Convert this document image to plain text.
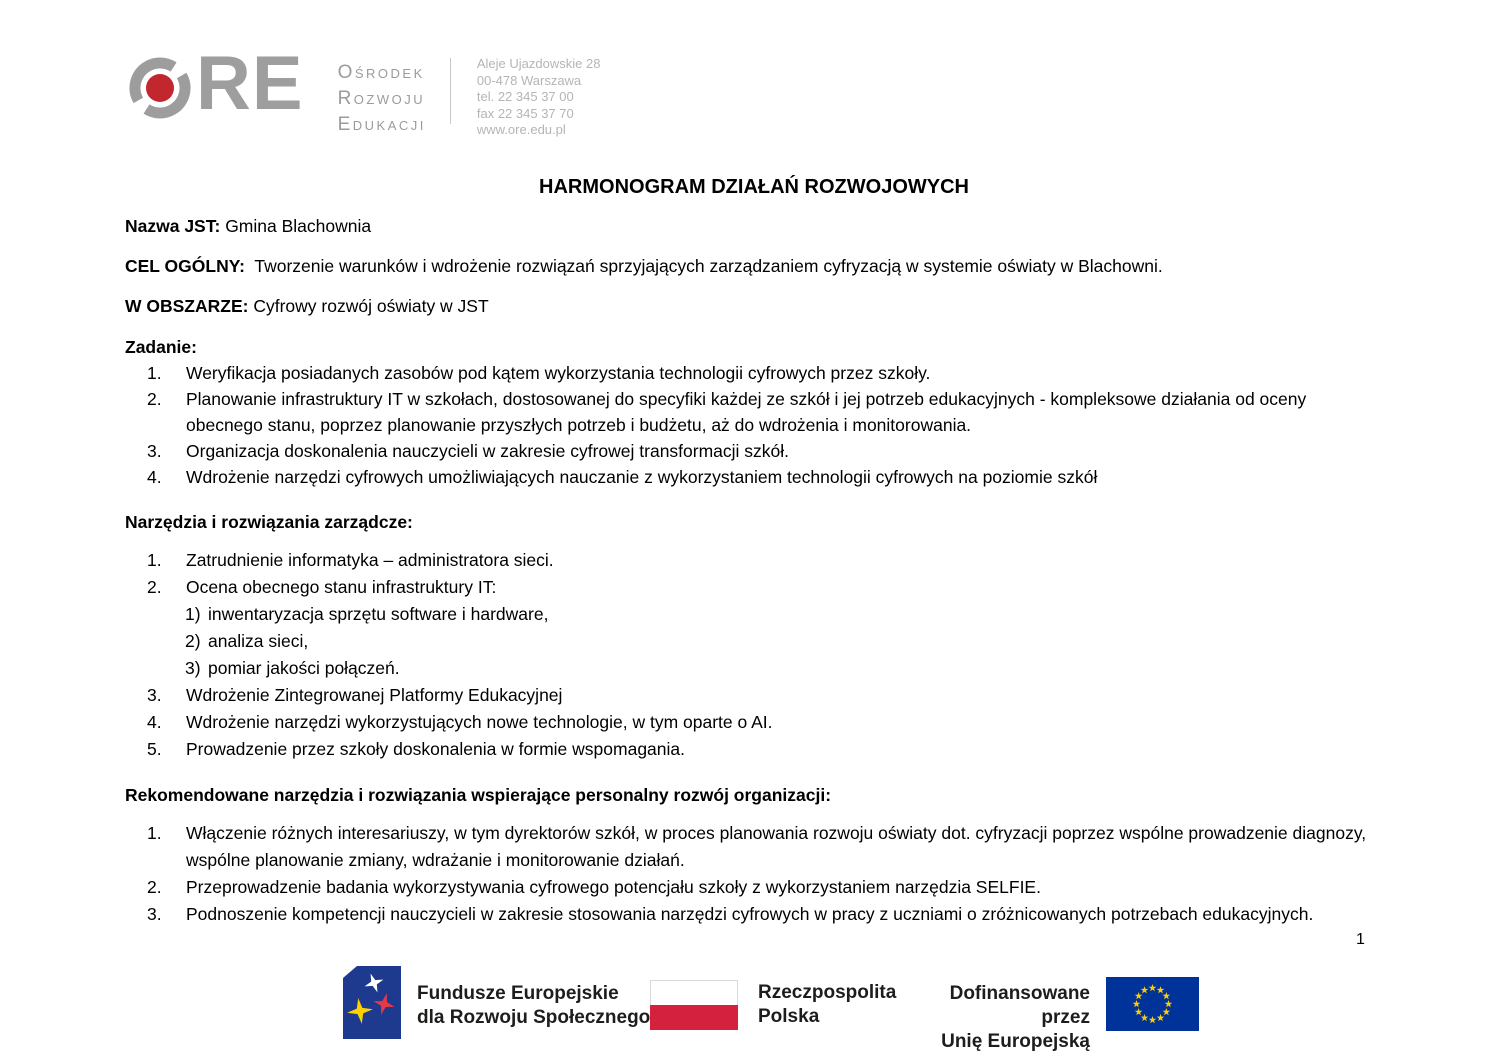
RE Ośrodek
Rozwoju
Edukacji
Aleje Ujazdowskie 28
00-478 Warszawa
tel. 22 345 37 00
fax 22 345 37 70
www.ore.edu.pl
HARMONOGRAM DZIAŁAŃ ROZWOJOWYCH

Nazwa JST: Gmina Blachownia

CEL OGÓLNY: Tworzenie warunków i wdrożenie rozwiązań sprzyjających zarządzaniem cyfryzacją w systemie oświaty w Blachowni.

W OBSZARZE: Cyfrowy rozwój oświaty w JST

Zadanie:

1. Weryfikacja posiadanych zasobów pod kątem wykorzystania technologii cyfrowych przez szkoły.
2. Planowanie infrastruktury IT w szkołach, dostosowanej do specyfiki każdej ze szkół i jej potrzeb edukacyjnych - kompleksowe działania od oceny obecnego stanu, poprzez planowanie przyszłych potrzeb i budżetu, aż do wdrożenia i monitorowania.
3. Organizacja doskonalenia nauczycieli w zakresie cyfrowej transformacji szkół.
4. Wdrożenie narzędzi cyfrowych umożliwiających nauczanie z wykorzystaniem technologii cyfrowych na poziomie szkół

Narzędzia i rozwiązania zarządcze:

1. Zatrudnienie informatyka – administratora sieci.
2. Ocena obecnego stanu infrastruktury IT:
1) inwentaryzacja sprzętu software i hardware,
2) analiza sieci,
3) pomiar jakości połączeń.
3. Wdrożenie Zintegrowanej Platformy Edukacyjnej
4. Wdrożenie narzędzi wykorzystujących nowe technologie, w tym oparte o AI.
5. Prowadzenie przez szkoły doskonalenia w formie wspomagania.

Rekomendowane narzędzia i rozwiązania wspierające personalny rozwój organizacji:

1. Włączenie różnych interesariuszy, w tym dyrektorów szkół, w proces planowania rozwoju oświaty dot. cyfryzacji poprzez wspólne prowadzenie diagnozy, wspólne planowanie zmiany, wdrażanie i monitorowanie działań.
2. Przeprowadzenie badania wykorzystywania cyfrowego potencjału szkoły z wykorzystaniem narzędzia SELFIE.
3. Podnoszenie kompetencji nauczycieli w zakresie stosowania narzędzi cyfrowych w pracy z uczniami o zróżnicowanych potrzebach edukacyjnych.
1
Fundusze Europejskie
dla Rozwoju Społecznego
Rzeczpospolita
Polska
Dofinansowane przez
Unię Europejską
